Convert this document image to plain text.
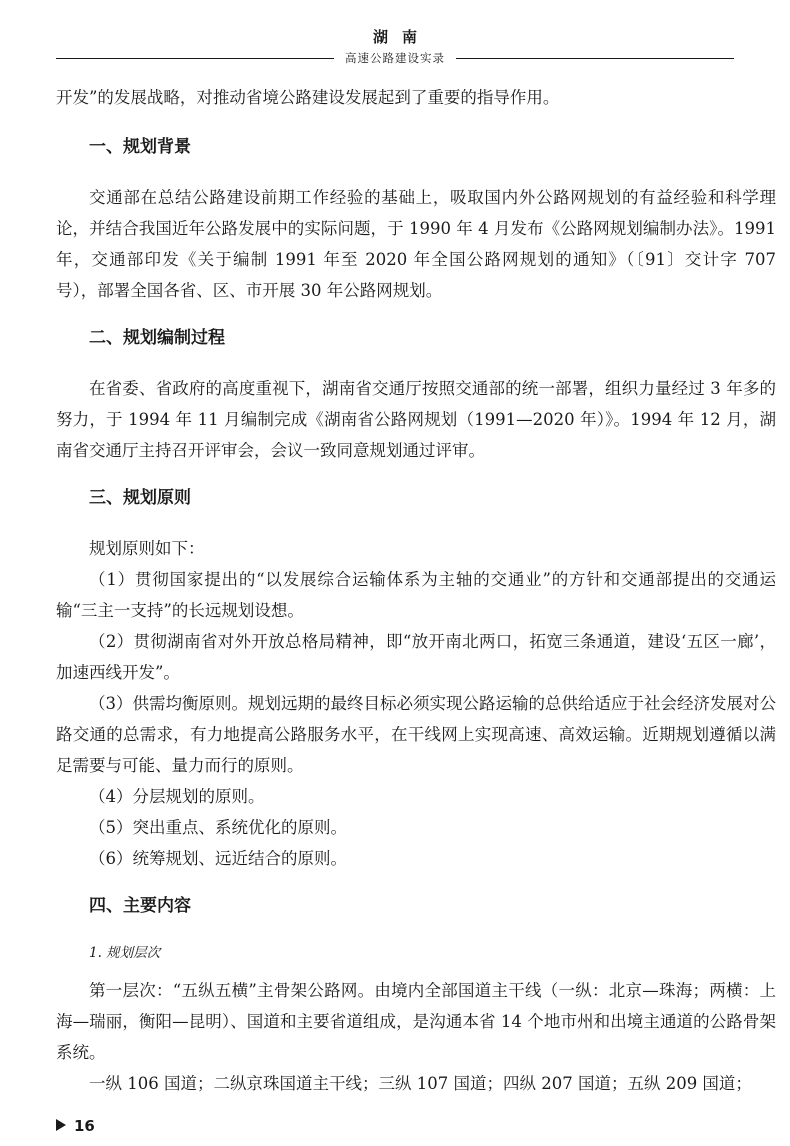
湖南
高速公路建设实录

开发”的发展战略，对推动省境公路建设发展起到了重要的指导作用。

一、规划背景

交通部在总结公路建设前期工作经验的基础上，吸取国内外公路网规划的有益经验和科学理论，并结合我国近年公路发展中的实际问题，于 1990 年 4 月发布《公路网规划编制办法》。1991 年，交通部印发《关于编制 1991 年至 2020 年全国公路网规划的通知》（〔91〕交计字 707 号），部署全国各省、区、市开展 30 年公路网规划。

二、规划编制过程

在省委、省政府的高度重视下，湖南省交通厅按照交通部的统一部署，组织力量经过 3 年多的努力，于 1994 年 11 月编制完成《湖南省公路网规划（1991—2020 年）》。1994 年 12 月，湖南省交通厅主持召开评审会，会议一致同意规划通过评审。

三、规划原则

规划原则如下：

（1）贯彻国家提出的“以发展综合运输体系为主轴的交通业”的方针和交通部提出的交通运输“三主一支持”的长远规划设想。

（2）贯彻湖南省对外开放总格局精神，即“放开南北两口，拓宽三条通道，建设‘五区一廊’，加速西线开发”。

（3）供需均衡原则。规划远期的最终目标必须实现公路运输的总供给适应于社会经济发展对公路交通的总需求，有力地提高公路服务水平，在干线网上实现高速、高效运输。近期规划遵循以满足需要与可能、量力而行的原则。

（4）分层规划的原则。

（5）突出重点、系统优化的原则。

（6）统筹规划、远近结合的原则。

四、主要内容
1. 规划层次

第一层次：“五纵五横”主骨架公路网。由境内全部国道主干线（一纵：北京—珠海；两横：上海—瑞丽，衡阳—昆明）、国道和主要省道组成，是沟通本省 14 个地市州和出境主通道的公路骨架系统。

一纵 106 国道；二纵京珠国道主干线；三纵 107 国道；四纵 207 国道；五纵 209 国道；

16
